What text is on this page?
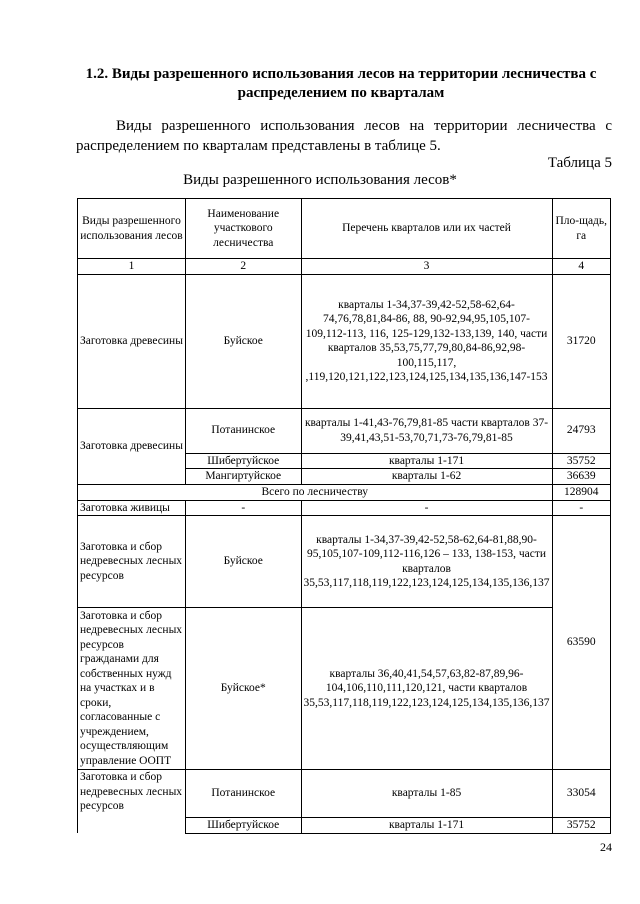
1.2. Виды разрешенного использования лесов на территории лесничества с распределением по кварталам
Виды разрешенного использования лесов на территории лесничества с распределением по кварталам представлены в таблице 5.
Таблица 5
Виды разрешенного использования лесов*
Виды разрешенного использования лесов	Наименование участкового лесничества	Перечень кварталов или их частей	Пло-щадь, га
1	2	3	4
Заготовка древесины	Буйское	кварталы 1-34,37-39,42-52,58-62,64-74,76,78,81,84-86, 88, 90-92,94,95,105,107-109,112-113, 116, 125-129,132-133,139, 140, части кварталов 35,53,75,77,79,80,84-86,92,98-100,115,117, ,119,120,121,122,123,124,125,134,135,136,147-153	31720
Заготовка древесины	Потанинское	кварталы 1-41,43-76,79,81-85 части кварталов 37-39,41,43,51-53,70,71,73-76,79,81-85	24793
	Шибертуйское	кварталы 1-171	35752
	Мангиртуйское	кварталы 1-62	36639
Всего по лесничеству			128904
Заготовка живицы	-	-	-
Заготовка и сбор недревесных лесных ресурсов	Буйское	кварталы 1-34,37-39,42-52,58-62,64-81,88,90-95,105,107-109,112-116,126 – 133, 138-153, части кварталов 35,53,117,118,119,122,123,124,125,134,135,136,137	63590
Заготовка и сбор недревесных лесных ресурсов гражданами для собственных нужд на участках и в сроки, согласованные с учреждением, осуществляющим управление ООПТ	Буйское*	кварталы 36,40,41,54,57,63,82-87,89,96-104,106,110,111,120,121, части кварталов 35,53,117,118,119,122,123,124,125,134,135,136,137	
Заготовка и сбор недревесных лесных ресурсов	Потанинское	кварталы 1-85	33054
	Шибертуйское	кварталы 1-171	35752
24
